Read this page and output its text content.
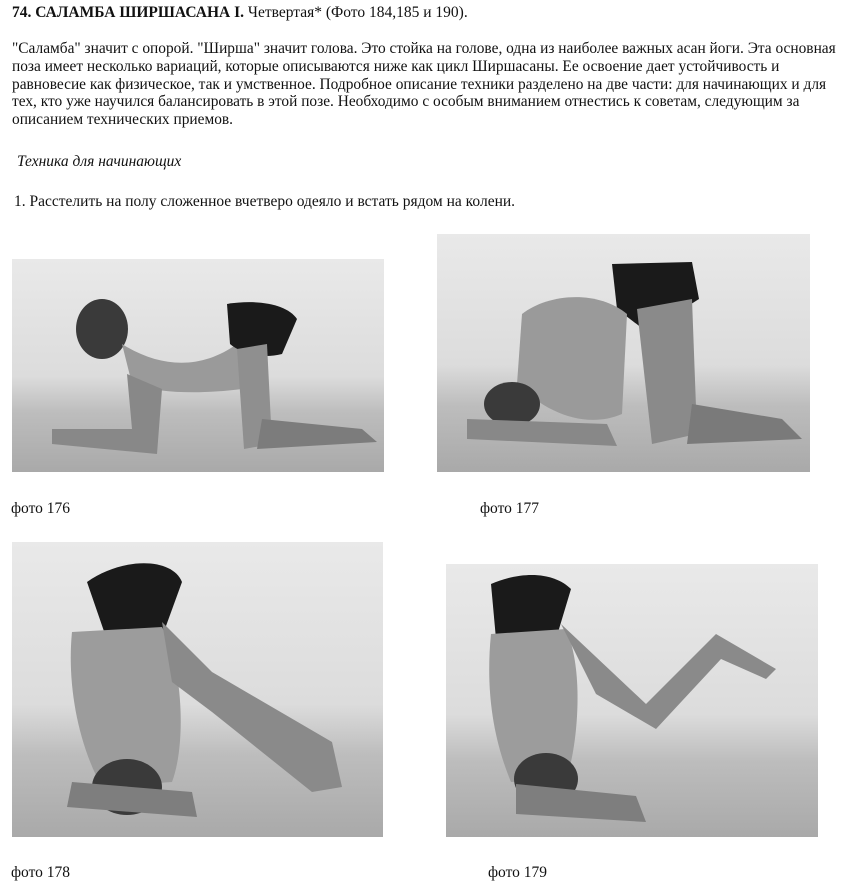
74. САЛАМБА ШИРШАСАНА I. Четвертая* (Фото 184,185 и 190).

"Саламба" значит с опорой. "Ширша" значит голова. Это стойка на голове, одна из наиболее важных асан йоги. Эта основная поза имеет несколько вариаций, которые описываются ниже как цикл Ширшасаны. Ее освоение дает устойчивость и равновесие как физическое, так и умственное. Подробное описание техники разделено на две части: для начинающих и для тех, кто уже научился балансировать в этой позе. Необходимо с особым вниманием отнестись к советам, следующим за описанием технических приемов.

Техника для начинающих
1. Расстелить на полу сложенное вчетверо одеяло и встать рядом на колени.
фото 176	фото 177
фото 178	фото 179
